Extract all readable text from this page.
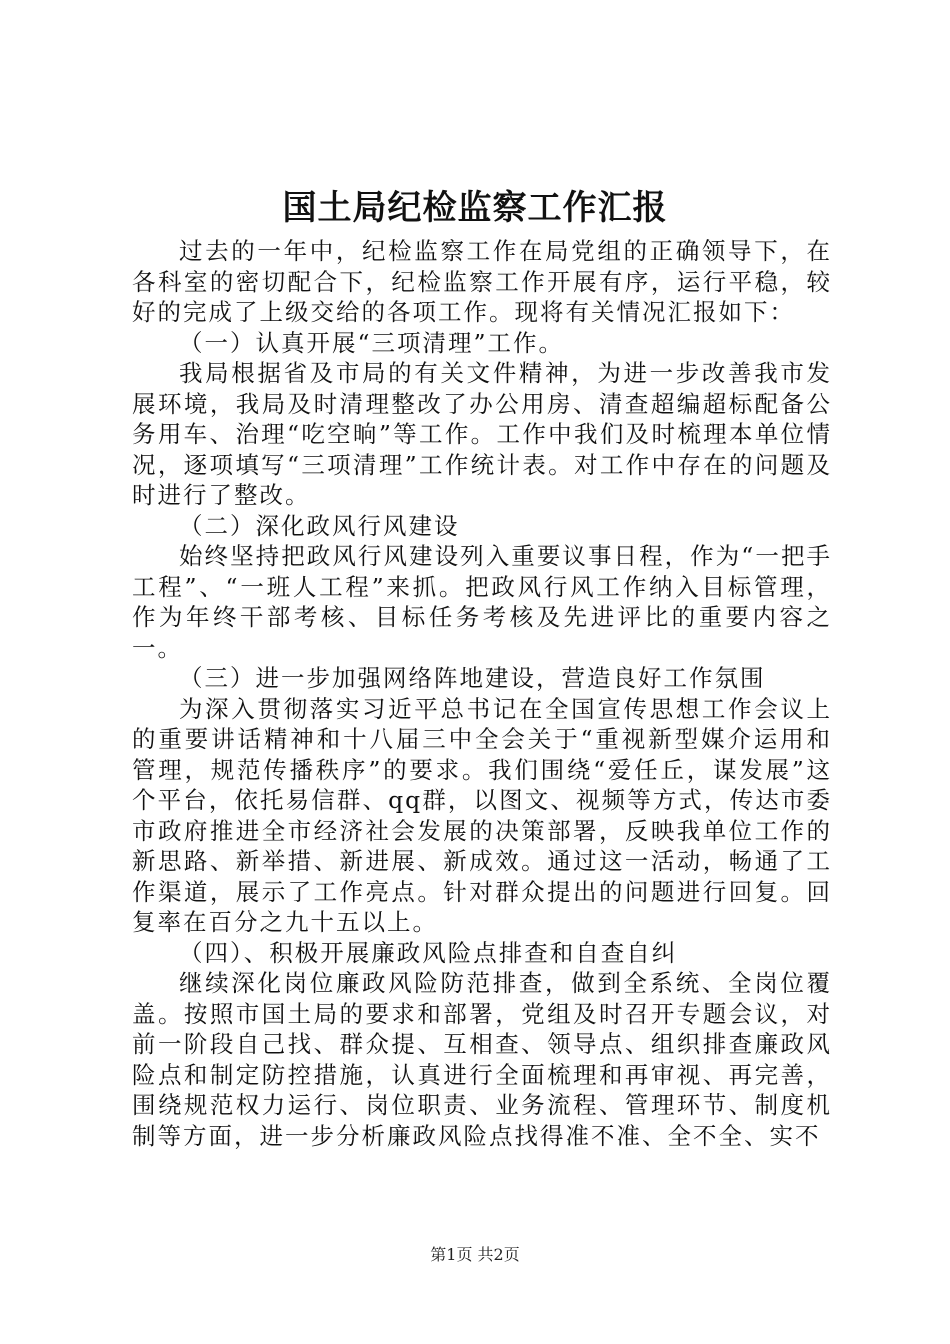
国土局纪检监察工作汇报

过去的一年中，纪检监察工作在局党组的正确领导下，在各科室的密切配合下，纪检监察工作开展有序，运行平稳，较好的完成了上级交给的各项工作。现将有关情况汇报如下：

（一）认真开展“三项清理”工作。

我局根据省及市局的有关文件精神，为进一步改善我市发展环境，我局及时清理整改了办公用房、清查超编超标配备公务用车、治理“吃空晌”等工作。工作中我们及时梳理本单位情况，逐项填写“三项清理”工作统计表。对工作中存在的问题及时进行了整改。

（二）深化政风行风建设

始终坚持把政风行风建设列入重要议事日程，作为“一把手工程”、“一班人工程”来抓。把政风行风工作纳入目标管理，作为年终干部考核、目标任务考核及先进评比的重要内容之一。

（三）进一步加强网络阵地建设，营造良好工作氛围

为深入贯彻落实习近平总书记在全国宣传思想工作会议上的重要讲话精神和十八届三中全会关于“重视新型媒介运用和管理，规范传播秩序”的要求。我们围绕“爱任丘，谋发展”这个平台，依托易信群、qq群，以图文、视频等方式，传达市委市政府推进全市经济社会发展的决策部署，反映我单位工作的新思路、新举措、新进展、新成效。通过这一活动，畅通了工作渠道，展示了工作亮点。针对群众提出的问题进行回复。回复率在百分之九十五以上。

（四）、积极开展廉政风险点排查和自查自纠

继续深化岗位廉政风险防范排查，做到全系统、全岗位覆盖。按照市国土局的要求和部署，党组及时召开专题会议，对前一阶段自己找、群众提、互相查、领导点、组织排查廉政风险点和制定防控措施，认真进行全面梳理和再审视、再完善，围绕规范权力运行、岗位职责、业务流程、管理环节、制度机制等方面，进一步分析廉政风险点找得准不准、全不全、实不

第1页 共2页
